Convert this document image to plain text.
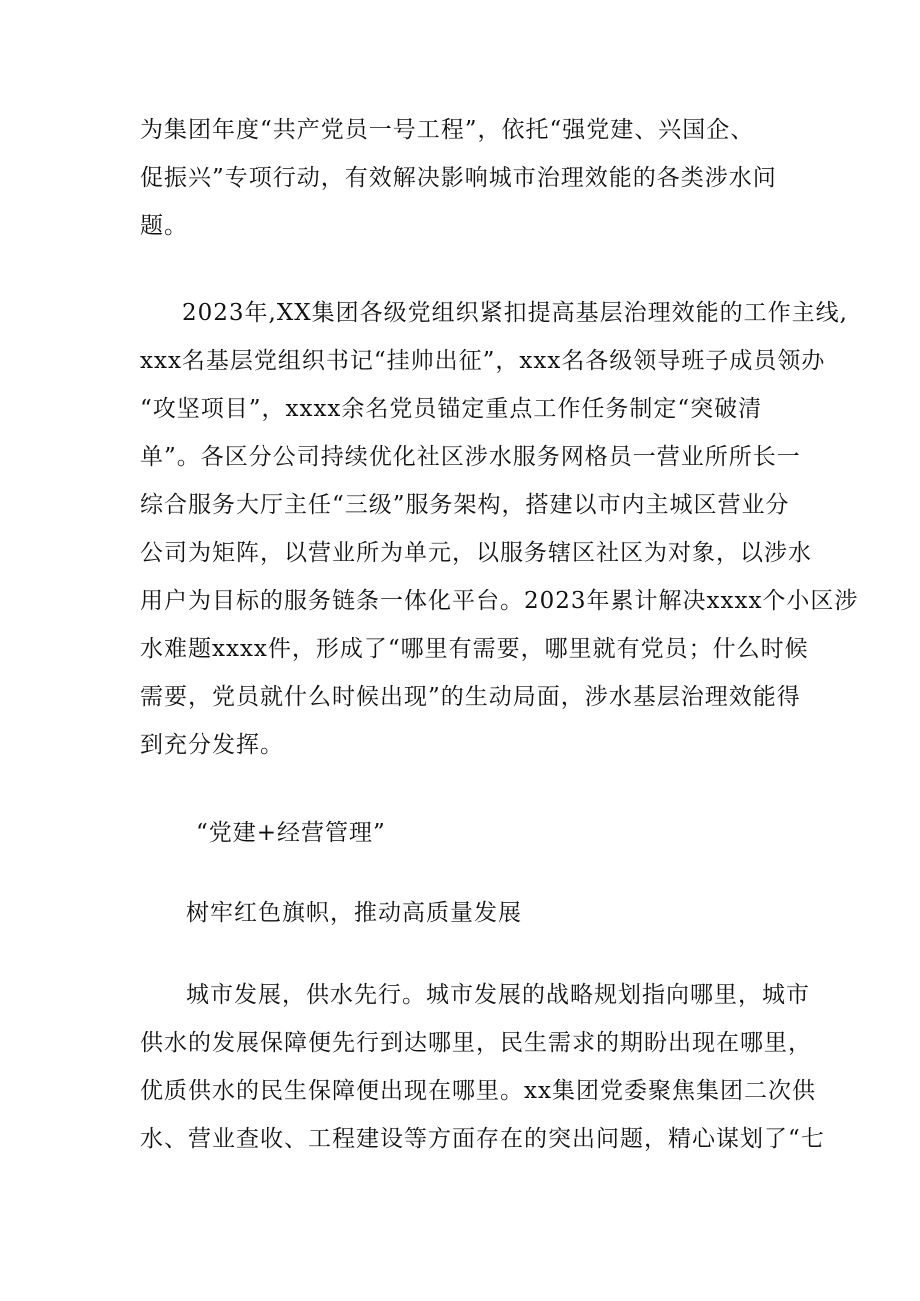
为集团年度“共产党员一号工程”，依托“强党建、兴国企、
促振兴”专项行动，有效解决影响城市治理效能的各类涉水问
题。
2023年,XX集团各级党组织紧扣提高基层治理效能的工作主线,
xxx名基层党组织书记“挂帅出征”，xxx名各级领导班子成员领办
“攻坚项目”，xxxx余名党员锚定重点工作任务制定“突破清
单”。各区分公司持续优化社区涉水服务网格员一营业所所长一
综合服务大厅主任“三级”服务架构，搭建以市内主城区营业分
公司为矩阵，以营业所为单元，以服务辖区社区为对象，以涉水
用户为目标的服务链条一体化平台。2023年累计解决xxxx个小区涉
水难题xxxx件，形成了“哪里有需要，哪里就有党员；什么时候
需要，党员就什么时候出现”的生动局面，涉水基层治理效能得
到充分发挥。
“党建+经营管理”
树牢红色旗帜，推动高质量发展
城市发展，供水先行。城市发展的战略规划指向哪里，城市
供水的发展保障便先行到达哪里，民生需求的期盼出现在哪里，
优质供水的民生保障便出现在哪里。xx集团党委聚焦集团二次供
水、营业查收、工程建设等方面存在的突出问题，精心谋划了“七
